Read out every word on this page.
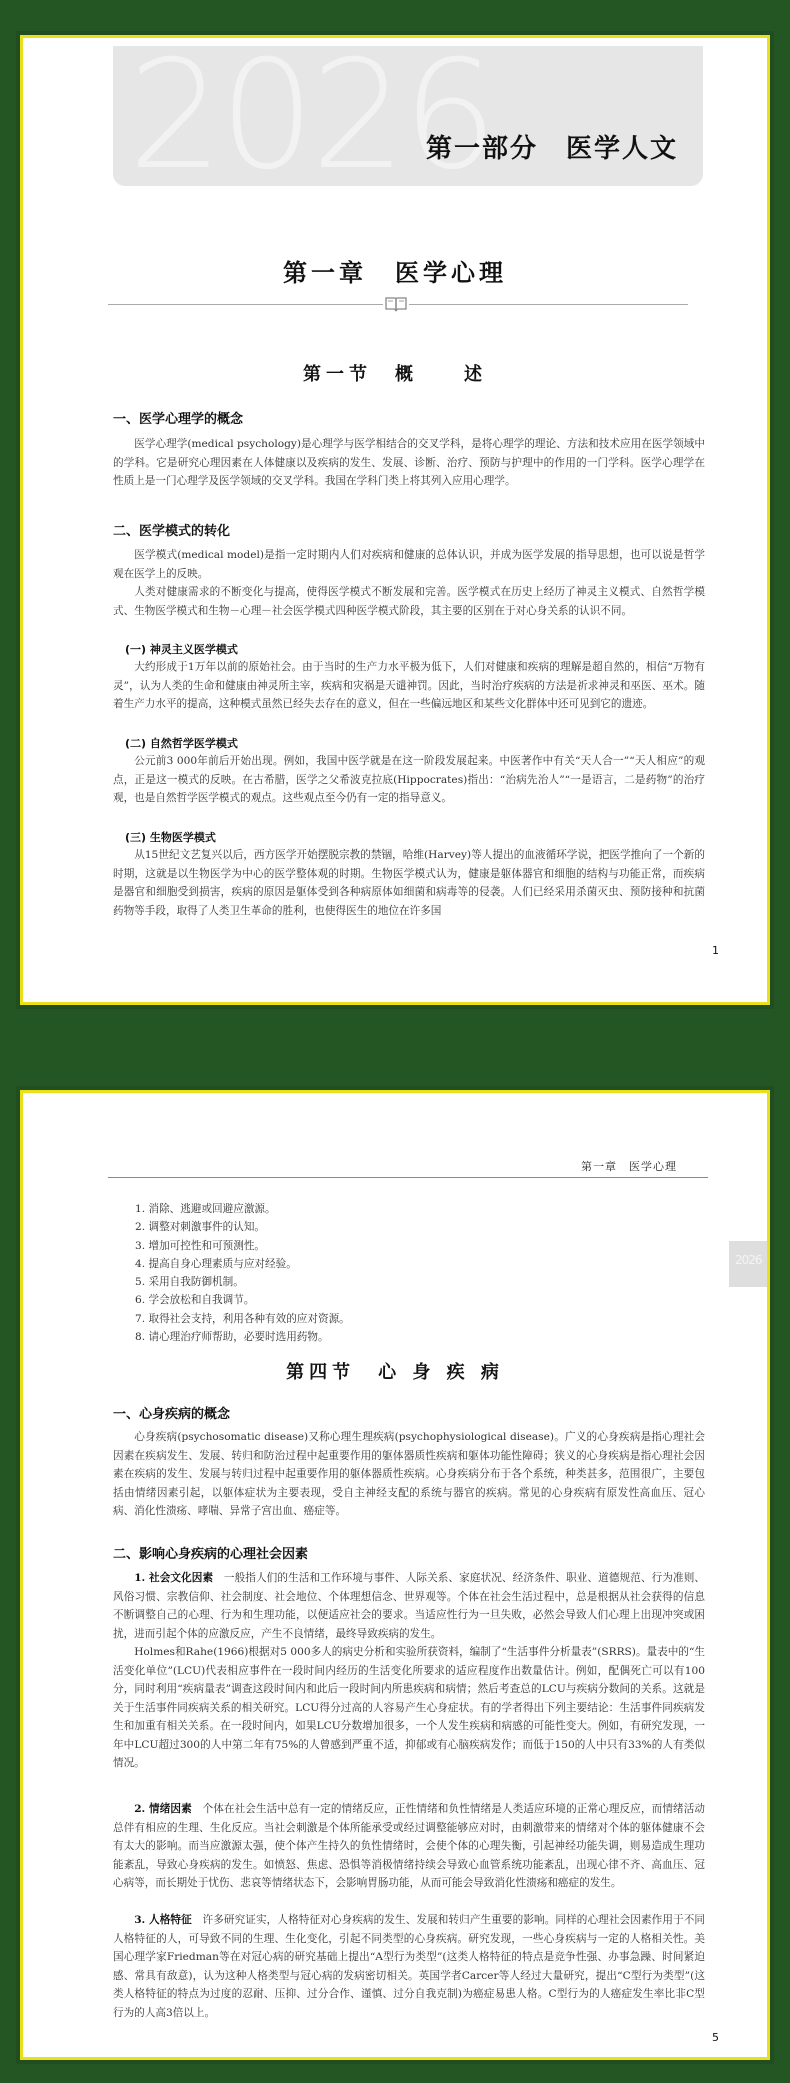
2026
第一部分　医学人文
第一章　医学心理
第一节　概　　述
一、医学心理学的概念

医学心理学(medical psychology)是心理学与医学相结合的交叉学科，是将心理学的理论、方法和技术应用在医学领域中的学科。它是研究心理因素在人体健康以及疾病的发生、发展、诊断、治疗、预防与护理中的作用的一门学科。医学心理学在性质上是一门心理学及医学领域的交叉学科。我国在学科门类上将其列入应用心理学。

二、医学模式的转化

医学模式(medical model)是指一定时期内人们对疾病和健康的总体认识，并成为医学发展的指导思想，也可以说是哲学观在医学上的反映。

人类对健康需求的不断变化与提高，使得医学模式不断发展和完善。医学模式在历史上经历了神灵主义模式、自然哲学模式、生物医学模式和生物－心理－社会医学模式四种医学模式阶段，其主要的区别在于对心身关系的认识不同。

(一) 神灵主义医学模式

大约形成于1万年以前的原始社会。由于当时的生产力水平极为低下，人们对健康和疾病的理解是超自然的，相信“万物有灵”，认为人类的生命和健康由神灵所主宰，疾病和灾祸是天谴神罚。因此，当时治疗疾病的方法是祈求神灵和巫医、巫术。随着生产力水平的提高，这种模式虽然已经失去存在的意义，但在一些偏远地区和某些文化群体中还可见到它的遗迹。

(二) 自然哲学医学模式

公元前3 000年前后开始出现。例如，我国中医学就是在这一阶段发展起来。中医著作中有关“天人合一”“天人相应”的观点，正是这一模式的反映。在古希腊，医学之父希波克拉底(Hippocrates)指出：“治病先治人”“一是语言，二是药物”的治疗观，也是自然哲学医学模式的观点。这些观点至今仍有一定的指导意义。

(三) 生物医学模式

从15世纪文艺复兴以后，西方医学开始摆脱宗教的禁锢，哈维(Harvey)等人提出的血液循环学说，把医学推向了一个新的时期，这就是以生物医学为中心的医学整体观的时期。生物医学模式认为，健康是躯体器官和细胞的结构与功能正常，而疾病是器官和细胞受到损害，疾病的原因是躯体受到各种病原体如细菌和病毒等的侵袭。人们已经采用杀菌灭虫、预防接种和抗菌药物等手段，取得了人类卫生革命的胜利，也使得医生的地位在许多国

1
2026
第一章　医学心理
1. 消除、逃避或回避应激源。
2. 调整对刺激事件的认知。
3. 增加可控性和可预测性。
4. 提高自身心理素质与应对经验。
5. 采用自我防御机制。
6. 学会放松和自我调节。
7. 取得社会支持，利用各种有效的应对资源。
8. 请心理治疗师帮助，必要时选用药物。
第四节　心 身 疾 病
一、心身疾病的概念

心身疾病(psychosomatic disease)又称心理生理疾病(psychophysiological disease)。广义的心身疾病是指心理社会因素在疾病发生、发展、转归和防治过程中起重要作用的躯体器质性疾病和躯体功能性障碍；狭义的心身疾病是指心理社会因素在疾病的发生、发展与转归过程中起重要作用的躯体器质性疾病。心身疾病分布于各个系统，种类甚多，范围很广，主要包括由情绪因素引起，以躯体症状为主要表现，受自主神经支配的系统与器官的疾病。常见的心身疾病有原发性高血压、冠心病、消化性溃疡、哮喘、异常子宫出血、癌症等。

二、影响心身疾病的心理社会因素

1. 社会文化因素　 一般指人们的生活和工作环境与事件、人际关系、家庭状况、经济条件、职业、道德规范、行为准则、风俗习惯、宗教信仰、社会制度、社会地位、个体理想信念、世界观等。个体在社会生活过程中，总是根据从社会获得的信息不断调整自己的心理、行为和生理功能，以便适应社会的要求。当适应性行为一旦失败，必然会导致人们心理上出现冲突或困扰，进而引起个体的应激反应，产生不良情绪，最终导致疾病的发生。

Holmes和Rahe(1966)根据对5 000多人的病史分析和实验所获资料，编制了“生活事件分析量表”(SRRS)。量表中的“生活变化单位”(LCU)代表相应事件在一段时间内经历的生活变化所要求的适应程度作出数量估计。例如，配偶死亡可以有100分，同时利用“疾病量表”调查这段时间内和此后一段时间内所患疾病和病情；然后考查总的LCU与疾病分数间的关系。这就是关于生活事件同疾病关系的相关研究。LCU得分过高的人容易产生心身症状。有的学者得出下列主要结论：生活事件同疾病发生和加重有相关关系。在一段时间内，如果LCU分数增加很多，一个人发生疾病和病感的可能性变大。例如，有研究发现，一年中LCU超过300的人中第二年有75%的人曾感到严重不适，抑郁或有心脑疾病发作；而低于150的人中只有33%的人有类似情况。

2. 情绪因素　 个体在社会生活中总有一定的情绪反应，正性情绪和负性情绪是人类适应环境的正常心理反应，而情绪活动总伴有相应的生理、生化反应。当社会刺激是个体所能承受或经过调整能够应对时，由刺激带来的情绪对个体的躯体健康不会有太大的影响。而当应激源太强，使个体产生持久的负性情绪时，会使个体的心理失衡，引起神经功能失调，则易造成生理功能紊乱，导致心身疾病的发生。如愤怒、焦虑、恐惧等消极情绪持续会导致心血管系统功能紊乱，出现心律不齐、高血压、冠心病等，而长期处于忧伤、悲哀等情绪状态下，会影响胃肠功能，从而可能会导致消化性溃疡和癌症的发生。

3. 人格特征　 许多研究证实，人格特征对心身疾病的发生、发展和转归产生重要的影响。同样的心理社会因素作用于不同人格特征的人，可导致不同的生理、生化变化，引起不同类型的心身疾病。研究发现，一些心身疾病与一定的人格相关性。美国心理学家Friedman等在对冠心病的研究基础上提出“A型行为类型”(这类人格特征的特点是竞争性强、办事急躁、时间紧迫感、常具有敌意)，认为这种人格类型与冠心病的发病密切相关。英国学者Carcer等人经过大量研究，提出“C型行为类型”(这类人格特征的特点为过度的忍耐、压抑、过分合作、谨慎、过分自我克制)为癌症易患人格。C型行为的人癌症发生率比非C型行为的人高3倍以上。

5
